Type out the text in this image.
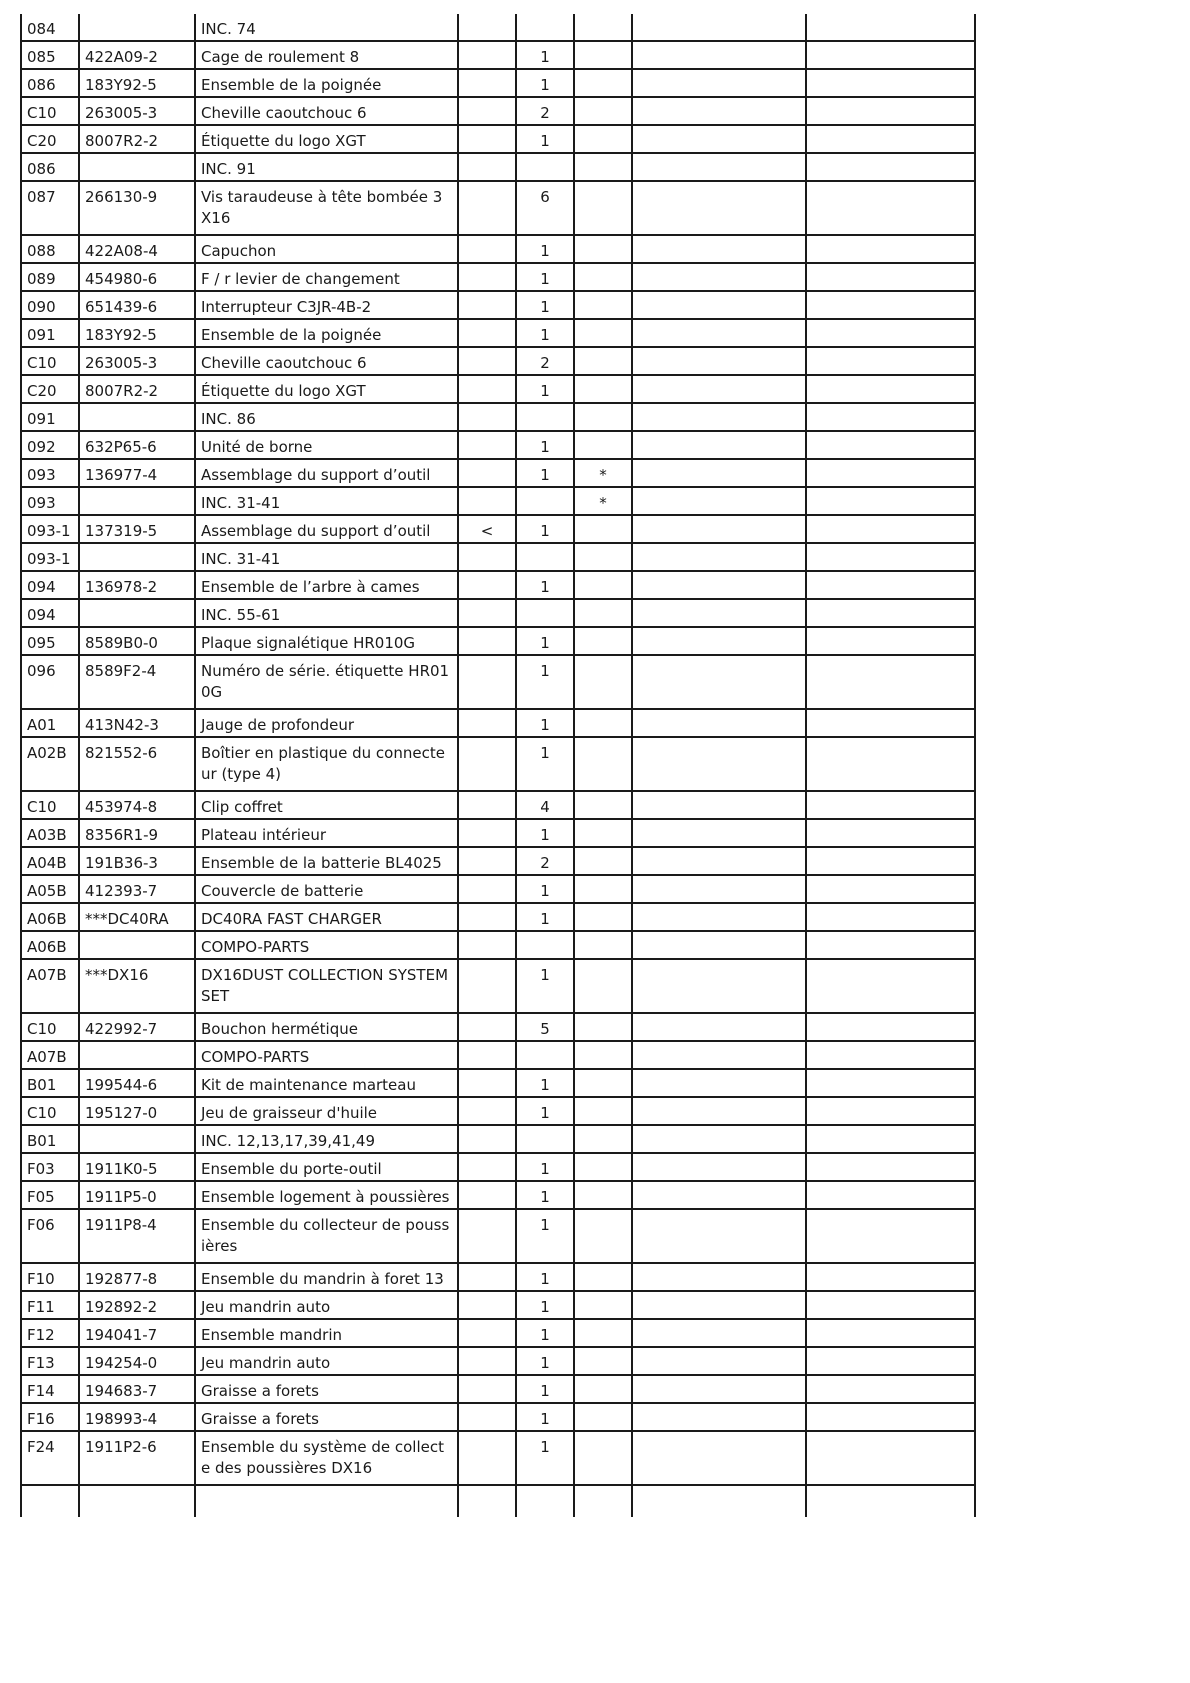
084		INC. 74					
085	422A09-2	Cage de roulement 8		1			
086	183Y92-5	Ensemble de la poignée		1			
C10	263005-3	Cheville caoutchouc 6		2			
C20	8007R2-2	Étiquette du logo XGT		1			
086		INC. 91					
087	266130-9	Vis taraudeuse à tête bombée 3X16		6			
088	422A08-4	Capuchon		1			
089	454980-6	F / r levier de changement		1			
090	651439-6	Interrupteur C3JR-4B-2		1			
091	183Y92-5	Ensemble de la poignée		1			
C10	263005-3	Cheville caoutchouc 6		2			
C20	8007R2-2	Étiquette du logo XGT		1			
091		INC. 86					
092	632P65-6	Unité de borne		1			
093	136977-4	Assemblage du support d’outil		1	*		
093		INC. 31-41			*		
093-1	137319-5	Assemblage du support d’outil	<	1			
093-1		INC. 31-41					
094	136978-2	Ensemble de l’arbre à cames		1			
094		INC. 55-61					
095	8589B0-0	Plaque signalétique HR010G		1			
096	8589F2-4	Numéro de série. étiquette HR010G		1			
A01	413N42-3	Jauge de profondeur		1			
A02B	821552-6	Boîtier en plastique du connecteur (type 4)		1			
C10	453974-8	Clip coffret		4			
A03B	8356R1-9	Plateau intérieur		1			
A04B	191B36-3	Ensemble de la batterie BL4025		2			
A05B	412393-7	Couvercle de batterie		1			
A06B	***DC40RA	DC40RA FAST CHARGER		1			
A06B		COMPO-PARTS					
A07B	***DX16	DX16DUST COLLECTION SYSTEM SET		1			
C10	422992-7	Bouchon hermétique		5			
A07B		COMPO-PARTS					
B01	199544-6	Kit de maintenance marteau		1			
C10	195127-0	Jeu de graisseur d'huile		1			
B01		INC. 12,13,17,39,41,49					
F03	1911K0-5	Ensemble du porte-outil		1			
F05	1911P5-0	Ensemble logement à poussières		1			
F06	1911P8-4	Ensemble du collecteur de poussières		1			
F10	192877-8	Ensemble du mandrin à foret 13		1			
F11	192892-2	Jeu mandrin auto		1			
F12	194041-7	Ensemble mandrin		1			
F13	194254-0	Jeu mandrin auto		1			
F14	194683-7	Graisse a forets		1			
F16	198993-4	Graisse a forets		1			
F24	1911P2-6	Ensemble du système de collecte des poussières DX16		1			
